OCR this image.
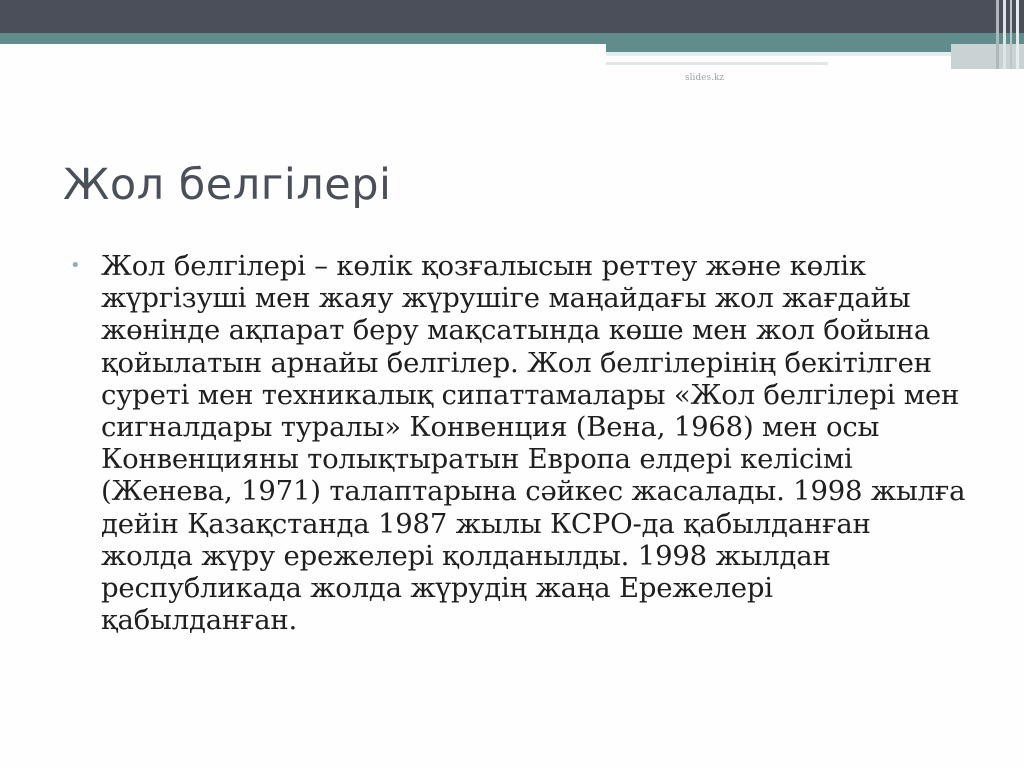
slides.kz
Жол белгілері
• Жол белгілері – көлік қозғалысын реттеу және көлік жүргізуші мен жаяу жүрушіге маңайдағы жол жағдайы жөнінде ақпарат беру мақсатында көше мен жол бойына қойылатын арнайы белгілер. Жол белгілерінің бекітілген суреті мен техникалық сипаттамалары «Жол белгілері мен сигналдары туралы» Конвенция (Вена, 1968) мен осы Конвенцияны толықтыратын Европа елдері келісімі (Женева, 1971) талаптарына сәйкес жасалады. 1998 жылға дейін Қазақстанда 1987 жылы КСРО-да қабылданған жолда жүру ережелері қолданылды. 1998 жылдан республикада жолда жүрудің жаңа Ережелері қабылданған.
